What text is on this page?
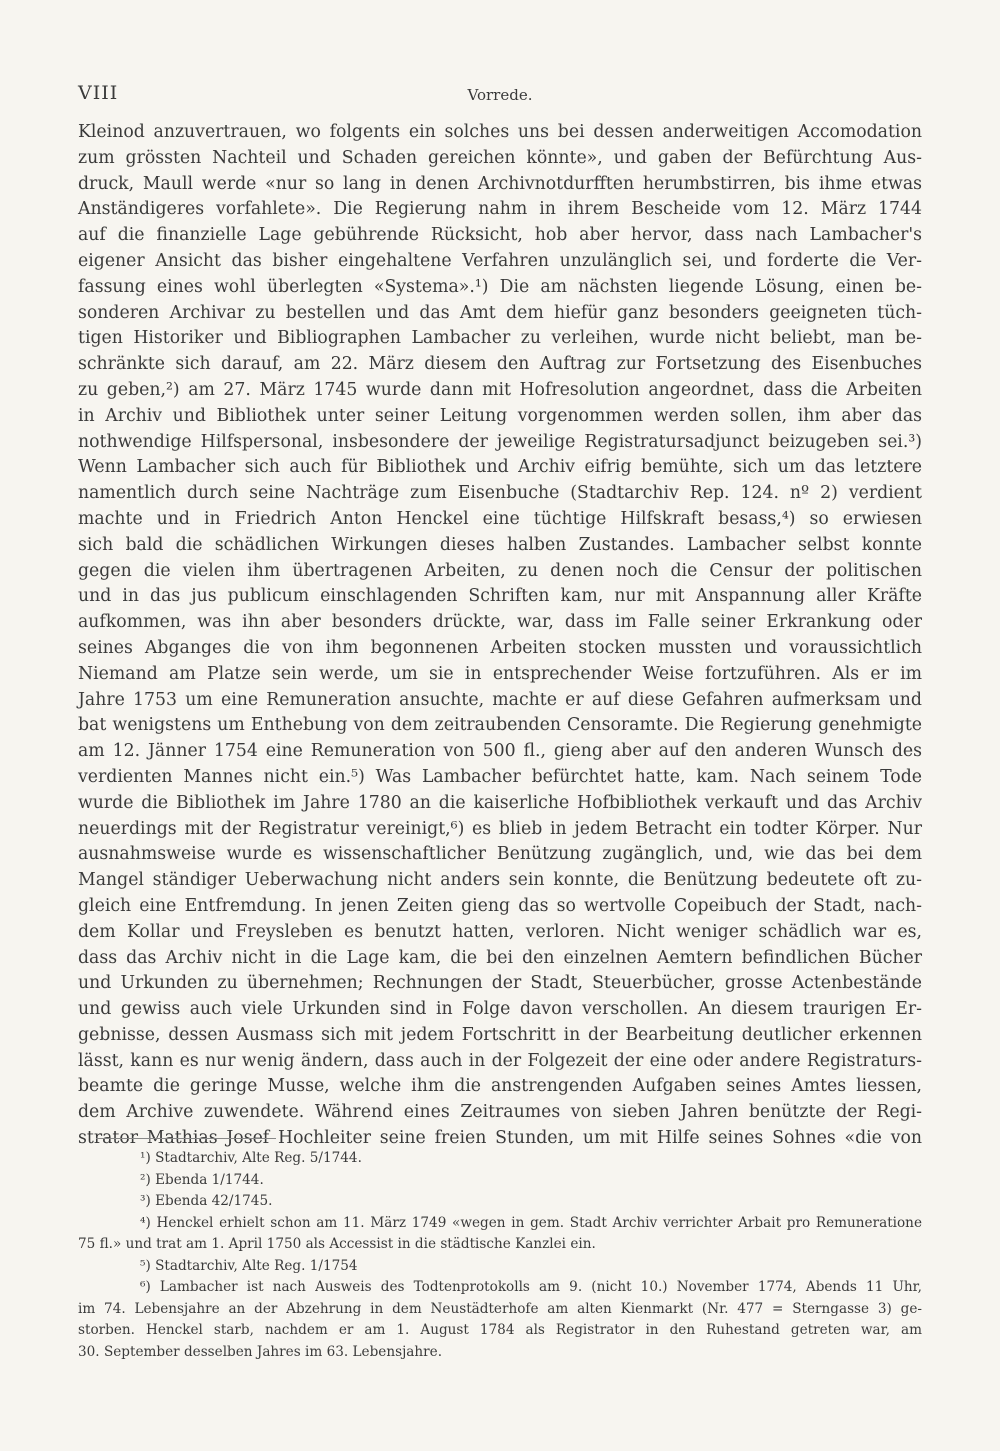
VIII	Vorrede.
Kleinod anzuvertrauen, wo folgents ein solches uns bei dessen anderweitigen Accomodation
zum grössten Nachteil und Schaden gereichen könnte», und gaben der Befürchtung Aus-
druck, Maull werde «nur so lang in denen Archivnotdurfften herumbstirren, bis ihme etwas
Anständigeres vorfahlete». Die Regierung nahm in ihrem Bescheide vom 12. März 1744
auf die finanzielle Lage gebührende Rücksicht, hob aber hervor, dass nach Lambacher's
eigener Ansicht das bisher eingehaltene Verfahren unzulänglich sei, und forderte die Ver-
fassung eines wohl überlegten «Systema».¹) Die am nächsten liegende Lösung, einen be-
sonderen Archivar zu bestellen und das Amt dem hiefür ganz besonders geeigneten tüch-
tigen Historiker und Bibliographen Lambacher zu verleihen, wurde nicht beliebt, man be-
schränkte sich darauf, am 22. März diesem den Auftrag zur Fortsetzung des Eisenbuches
zu geben,²) am 27. März 1745 wurde dann mit Hofresolution angeordnet, dass die Arbeiten
in Archiv und Bibliothek unter seiner Leitung vorgenommen werden sollen, ihm aber das
nothwendige Hilfspersonal, insbesondere der jeweilige Registratursadjunct beizugeben sei.³)
Wenn Lambacher sich auch für Bibliothek und Archiv eifrig bemühte, sich um das letztere
namentlich durch seine Nachträge zum Eisenbuche (Stadtarchiv Rep. 124. nº 2) verdient
machte und in Friedrich Anton Henckel eine tüchtige Hilfskraft besass,⁴) so erwiesen
sich bald die schädlichen Wirkungen dieses halben Zustandes. Lambacher selbst konnte
gegen die vielen ihm übertragenen Arbeiten, zu denen noch die Censur der politischen
und in das jus publicum einschlagenden Schriften kam, nur mit Anspannung aller Kräfte
aufkommen, was ihn aber besonders drückte, war, dass im Falle seiner Erkrankung oder
seines Abganges die von ihm begonnenen Arbeiten stocken mussten und voraussichtlich
Niemand am Platze sein werde, um sie in entsprechender Weise fortzuführen. Als er im
Jahre 1753 um eine Remuneration ansuchte, machte er auf diese Gefahren aufmerksam und
bat wenigstens um Enthebung von dem zeitraubenden Censoramte. Die Regierung genehmigte
am 12. Jänner 1754 eine Remuneration von 500 fl., gieng aber auf den anderen Wunsch des
verdienten Mannes nicht ein.⁵) Was Lambacher befürchtet hatte, kam. Nach seinem Tode
wurde die Bibliothek im Jahre 1780 an die kaiserliche Hofbibliothek verkauft und das Archiv
neuerdings mit der Registratur vereinigt,⁶) es blieb in jedem Betracht ein todter Körper. Nur
ausnahmsweise wurde es wissenschaftlicher Benützung zugänglich, und, wie das bei dem
Mangel ständiger Ueberwachung nicht anders sein konnte, die Benützung bedeutete oft zu-
gleich eine Entfremdung. In jenen Zeiten gieng das so wertvolle Copeibuch der Stadt, nach-
dem Kollar und Freysleben es benutzt hatten, verloren. Nicht weniger schädlich war es,
dass das Archiv nicht in die Lage kam, die bei den einzelnen Aemtern befindlichen Bücher
und Urkunden zu übernehmen; Rechnungen der Stadt, Steuerbücher, grosse Actenbestände
und gewiss auch viele Urkunden sind in Folge davon verschollen. An diesem traurigen Er-
gebnisse, dessen Ausmass sich mit jedem Fortschritt in der Bearbeitung deutlicher erkennen
lässt, kann es nur wenig ändern, dass auch in der Folgezeit der eine oder andere Registraturs-
beamte die geringe Musse, welche ihm die anstrengenden Aufgaben seines Amtes liessen,
dem Archive zuwendete. Während eines Zeitraumes von sieben Jahren benützte der Regi-
strator Mathias Josef Hochleiter seine freien Stunden, um mit Hilfe seines Sohnes «die von
¹) Stadtarchiv, Alte Reg. 5/1744.
²) Ebenda 1/1744.
³) Ebenda 42/1745.
⁴) Henckel erhielt schon am 11. März 1749 «wegen in gem. Stadt Archiv verrichter Arbait pro Remuneratione
75 fl.» und trat am 1. April 1750 als Accessist in die städtische Kanzlei ein.
⁵) Stadtarchiv, Alte Reg. 1/1754
⁶) Lambacher ist nach Ausweis des Todtenprotokolls am 9. (nicht 10.) November 1774, Abends 11 Uhr,
im 74. Lebensjahre an der Abzehrung in dem Neustädterhofe am alten Kienmarkt (Nr. 477 = Sterngasse 3) ge-
storben. Henckel starb, nachdem er am 1. August 1784 als Registrator in den Ruhestand getreten war, am
30. September desselben Jahres im 63. Lebensjahre.
